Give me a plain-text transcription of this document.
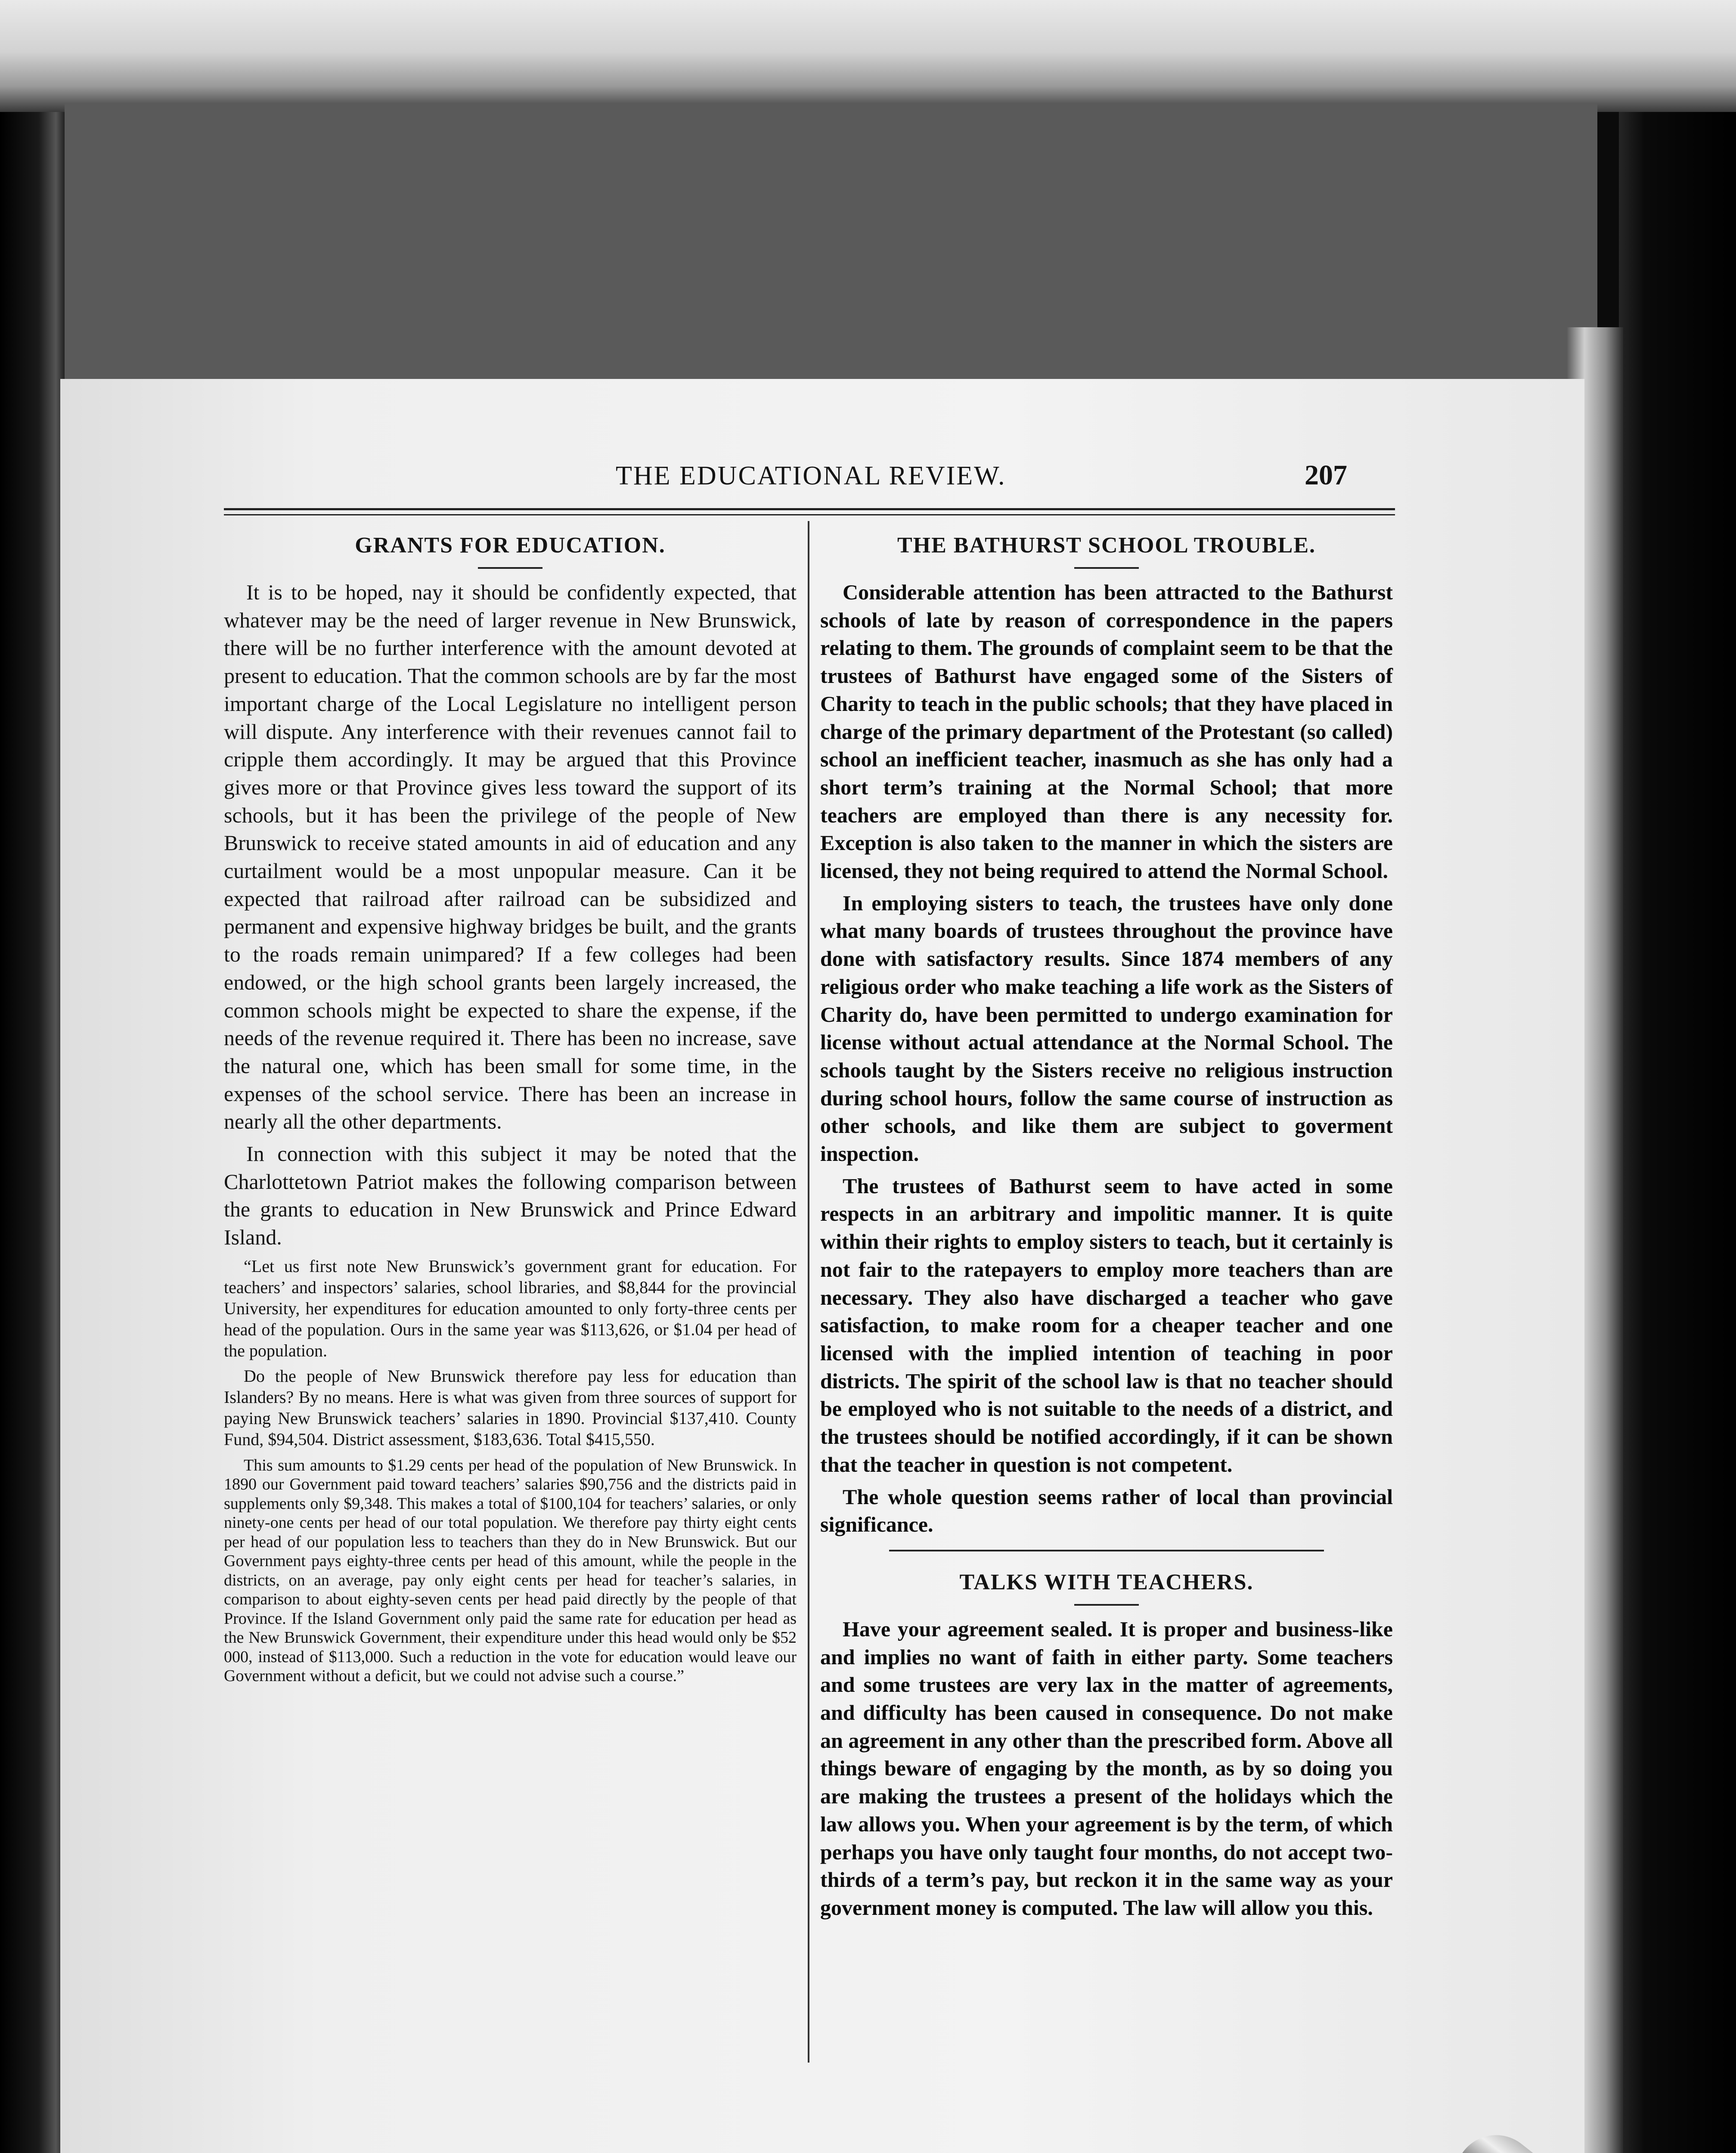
THE EDUCATIONAL REVIEW.	207
GRANTS FOR EDUCATION.

It is to be hoped, nay it should be confidently expected, that whatever may be the need of larger revenue in New Brunswick, there will be no further interference with the amount devoted at present to education. That the common schools are by far the most important charge of the Local Legislature no intelligent person will dispute. Any interference with their revenues cannot fail to cripple them accordingly. It may be argued that this Province gives more or that Province gives less toward the support of its schools, but it has been the privilege of the people of New Brunswick to receive stated amounts in aid of education and any curtailment would be a most unpopular measure. Can it be expected that railroad after railroad can be subsidized and permanent and expensive highway bridges be built, and the grants to the roads remain unimpared? If a few colleges had been endowed, or the high school grants been largely increased, the common schools might be expected to share the expense, if the needs of the revenue required it. There has been no increase, save the natural one, which has been small for some time, in the expenses of the school service. There has been an increase in nearly all the other departments.

In connection with this subject it may be noted that the Charlottetown Patriot makes the following comparison between the grants to education in New Brunswick and Prince Edward Island.

“Let us first note New Brunswick’s government grant for education. For teachers’ and inspectors’ salaries, school libraries, and $8,844 for the provincial University, her expenditures for education amounted to only forty-three cents per head of the population. Ours in the same year was $113,626, or $1.04 per head of the population.

Do the people of New Brunswick therefore pay less for education than Islanders? By no means. Here is what was given from three sources of support for paying New Brunswick teachers’ salaries in 1890. Provincial $137,410. County Fund, $94,504. District assessment, $183,636. Total $415,550.

This sum amounts to $1.29 cents per head of the population of New Brunswick. In 1890 our Government paid toward teachers’ salaries $90,756 and the districts paid in supplements only $9,348. This makes a total of $100,104 for teachers’ salaries, or only ninety-one cents per head of our total population. We therefore pay thirty eight cents per head of our population less to teachers than they do in New Brunswick. But our Government pays eighty-three cents per head of this amount, while the people in the districts, on an average, pay only eight cents per head for teacher’s salaries, in comparison to about eighty-seven cents per head paid directly by the people of that Province. If the Island Government only paid the same rate for education per head as the New Brunswick Government, their expenditure under this head would only be $52 000, instead of $113,000. Such a reduction in the vote for education would leave our Government without a deficit, but we could not advise such a course.”

THE BATHURST SCHOOL TROUBLE.

Considerable attention has been attracted to the Bathurst schools of late by reason of correspondence in the papers relating to them. The grounds of complaint seem to be that the trustees of Bathurst have engaged some of the Sisters of Charity to teach in the public schools; that they have placed in charge of the primary department of the Protestant (so called) school an inefficient teacher, inasmuch as she has only had a short term’s training at the Normal School; that more teachers are employed than there is any necessity for. Exception is also taken to the manner in which the sisters are licensed, they not being required to attend the Normal School.

In employing sisters to teach, the trustees have only done what many boards of trustees throughout the province have done with satisfactory results. Since 1874 members of any religious order who make teaching a life work as the Sisters of Charity do, have been permitted to undergo examination for license without actual attendance at the Normal School. The schools taught by the Sisters receive no religious instruction during school hours, follow the same course of instruction as other schools, and like them are subject to goverment inspection.

The trustees of Bathurst seem to have acted in some respects in an arbitrary and impolitic manner. It is quite within their rights to employ sisters to teach, but it certainly is not fair to the ratepayers to employ more teachers than are necessary. They also have discharged a teacher who gave satisfaction, to make room for a cheaper teacher and one licensed with the implied intention of teaching in poor districts. The spirit of the school law is that no teacher should be employed who is not suitable to the needs of a district, and the trustees should be notified accordingly, if it can be shown that the teacher in question is not competent.

The whole question seems rather of local than provincial significance.

TALKS WITH TEACHERS.

Have your agreement sealed. It is proper and business-like and implies no want of faith in either party. Some teachers and some trustees are very lax in the matter of agreements, and difficulty has been caused in consequence. Do not make an agreement in any other than the prescribed form. Above all things beware of engaging by the month, as by so doing you are making the trustees a present of the holidays which the law allows you. When your agreement is by the term, of which perhaps you have only taught four months, do not accept two-thirds of a term’s pay, but reckon it in the same way as your government money is computed. The law will allow you this.
